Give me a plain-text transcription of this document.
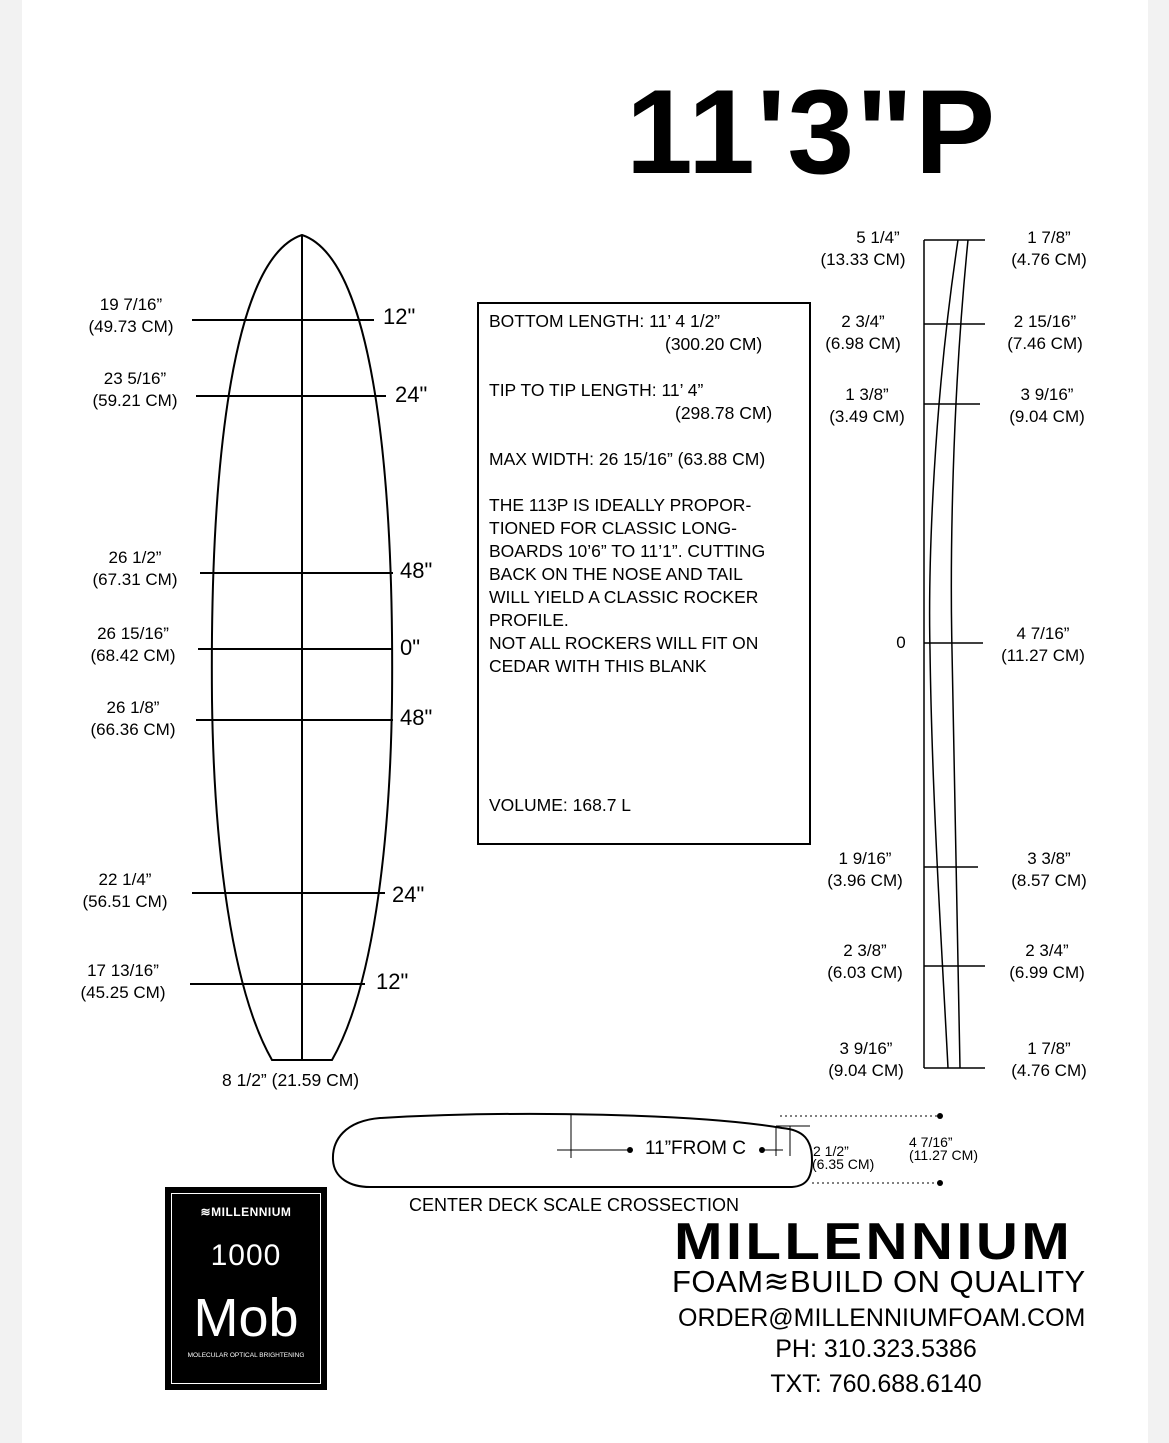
11'3"P
19 7/16”
(49.73 CM)
23 5/16”
(59.21 CM)
26 1/2”
(67.31 CM)
26 15/16”
(68.42 CM)
26 1/8”
(66.36 CM)
22 1/4”
(56.51 CM)
17 13/16”
(45.25 CM)
12"
24"
48"
0"
48"
24"
12"
8 1/2” (21.59 CM)

BOTTOM LENGTH: 11’ 4 1/2”

(300.20 CM)

TIP TO TIP LENGTH: 11’ 4”

(298.78 CM)

MAX WIDTH: 26 15/16” (63.88 CM)

THE 113P IS IDEALLY PROPOR-

TIONED FOR CLASSIC LONG-

BOARDS 10’6” TO 11’1”. CUTTING

BACK ON THE NOSE AND TAIL

WILL YIELD A CLASSIC ROCKER

PROFILE.

NOT ALL ROCKERS WILL FIT ON

CEDAR WITH THIS BLANK

VOLUME: 168.7 L

5 1/4”
(13.33 CM)
2 3/4”
(6.98 CM)
1 3/8”
(3.49 CM)
0
1 9/16”
(3.96 CM)
2 3/8”
(6.03 CM)
3 9/16”
(9.04 CM)
1 7/8”
(4.76 CM)
2 15/16”
(7.46 CM)
3 9/16”
(9.04 CM)
4 7/16”
(11.27 CM)
3 3/8”
(8.57 CM)
2 3/4”
(6.99 CM)
1 7/8”
(4.76 CM)
11”FROM C	2 1/2”
(6.35 CM)
4 7/16”
(11.27 CM)
CENTER DECK SCALE CROSSECTION
≋MILLENNIUM
1000
Mob
MOLECULAR OPTICAL BRIGHTENING
MILLENNIUM
FOAM≋BUILD ON QUALITY
ORDER@MILLENNIUMFOAM.COM
PH: 310.323.5386
TXT: 760.688.6140
